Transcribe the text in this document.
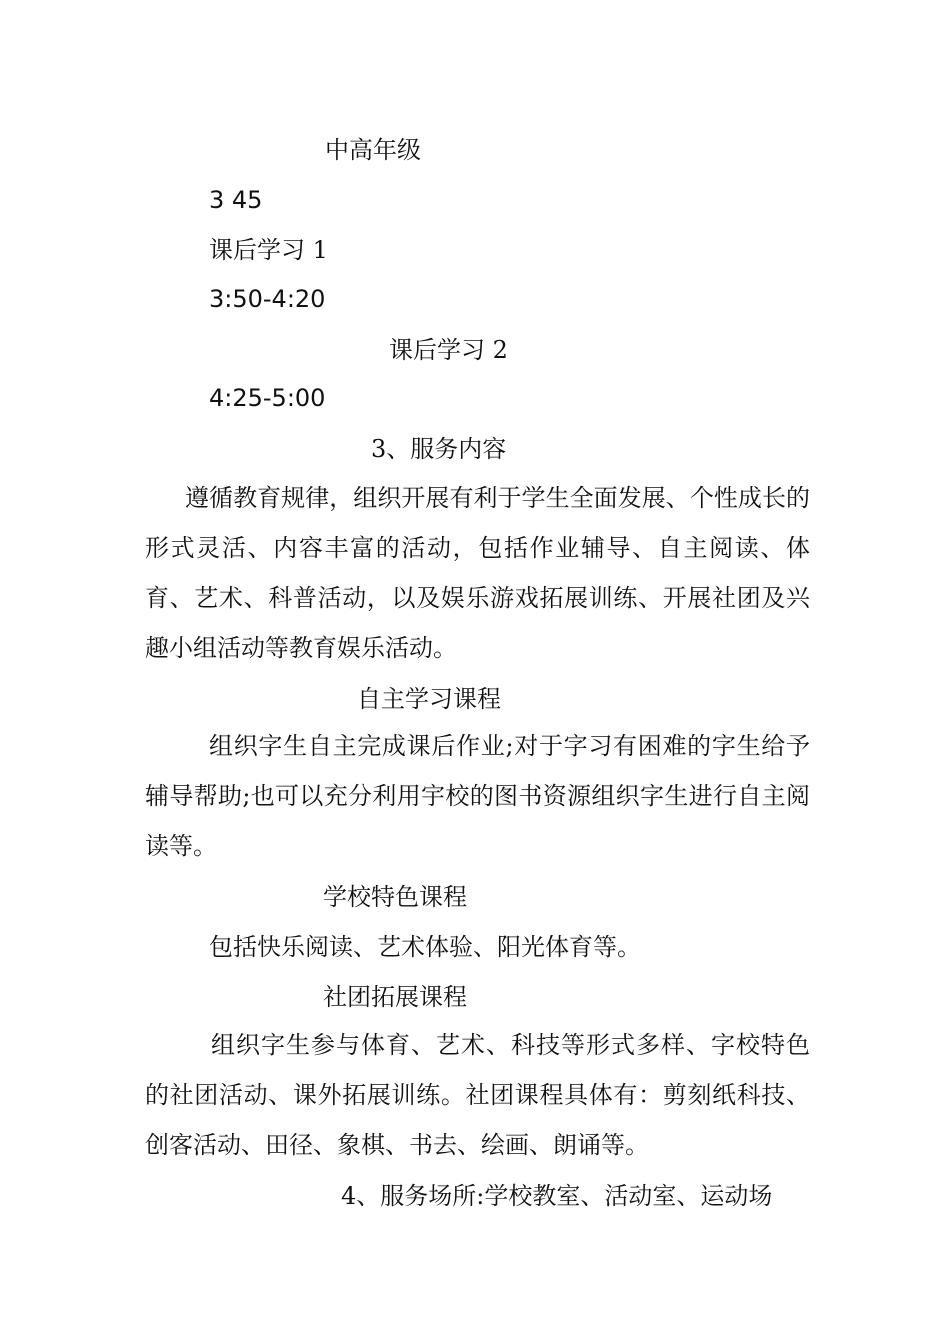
中高年级
3 45
课后学习 1
3:50-4:20
课后学习 2
4:25-5:00
3、服务内容
遵循教育规律，组织开展有利于学生全面发展、个性成长的形式灵活、内容丰富的活动，包括作业辅导、自主阅读、体育、艺术、科普活动，以及娱乐游戏拓展训练、开展社团及兴趣小组活动等教育娱乐活动。
自主学习课程
组织字生自主完成课后作业;对于字习有困难的字生给予辅导帮助;也可以充分利用宇校的图书资源组织字生进行自主阅读等。
学校特色课程
包括快乐阅读、艺术体验、阳光体育等。
社团拓展课程
组织字生参与体育、艺术、科技等形式多样、字校特色的社团活动、课外拓展训练。社团课程具体有：剪刻纸科技、创客活动、田径、象棋、书去、绘画、朗诵等。
4、服务场所:学校教室、活动室、运动场
